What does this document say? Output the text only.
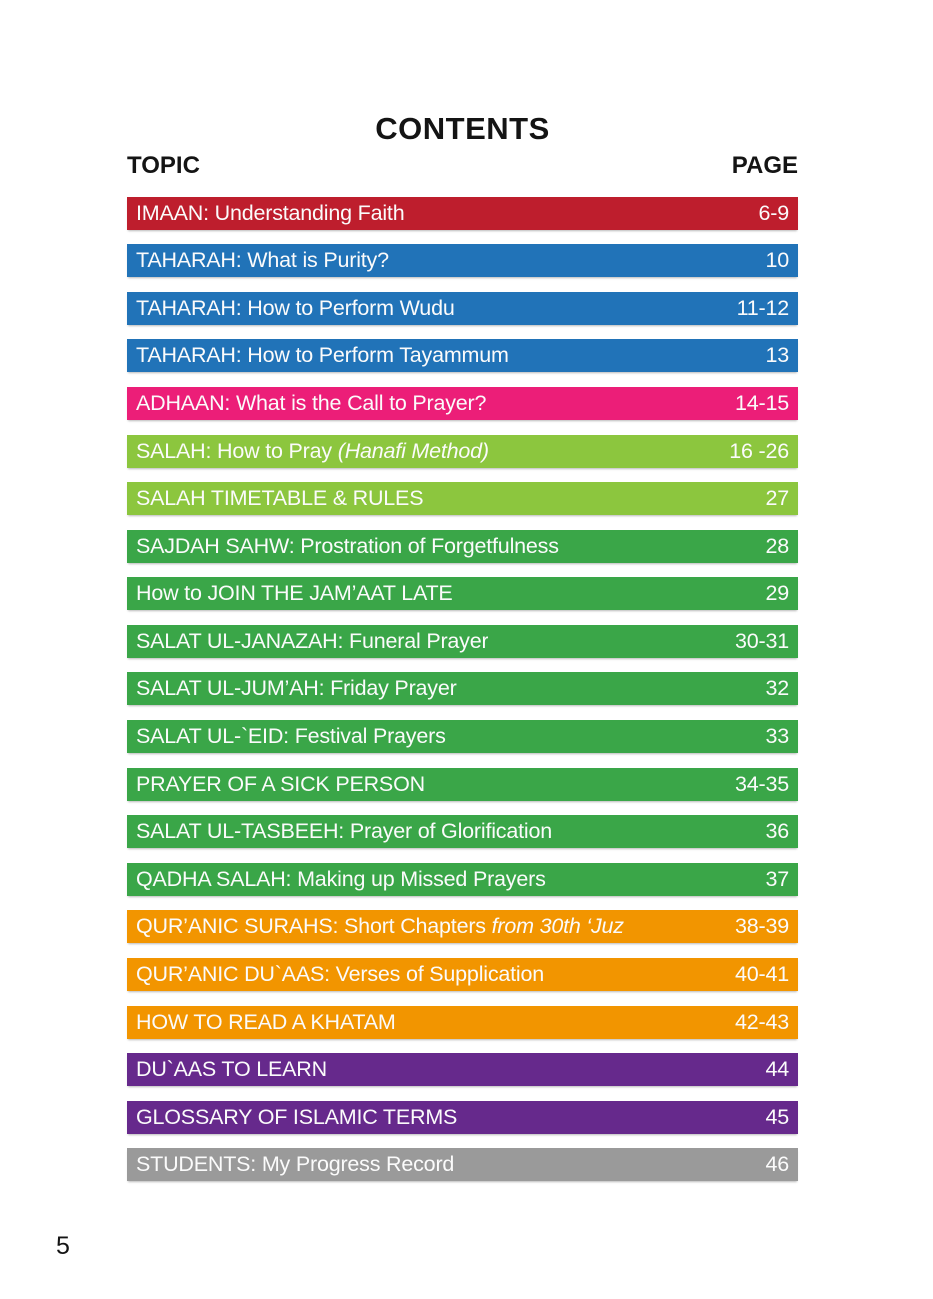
CONTENTS
TOPIC	PAGE
IMAAN: Understanding Faith	6-9
TAHARAH: What is Purity?	10
TAHARAH: How to Perform Wudu	11-12
TAHARAH: How to Perform Tayammum	13
ADHAAN: What is the Call to Prayer?	14-15
SALAH: How to Pray (Hanafi Method)	16 -26
SALAH TIMETABLE & RULES	27
SAJDAH SAHW: Prostration of Forgetfulness	28
How to JOIN THE JAM’AAT LATE	29
SALAT UL-JANAZAH: Funeral Prayer	30-31
SALAT UL-JUM’AH: Friday Prayer	32
SALAT UL-`EID: Festival Prayers	33
PRAYER OF A SICK PERSON	34-35
SALAT UL-TASBEEH: Prayer of Glorification	36
QADHA SALAH: Making up Missed Prayers	37
QUR’ANIC SURAHS: Short Chapters from 30th ‘Juz	38-39
QUR’ANIC DU`AAS: Verses of Supplication	40-41
HOW TO READ A KHATAM	42-43
DU`AAS TO LEARN	44
GLOSSARY OF ISLAMIC TERMS	45
STUDENTS: My Progress Record	46
5
